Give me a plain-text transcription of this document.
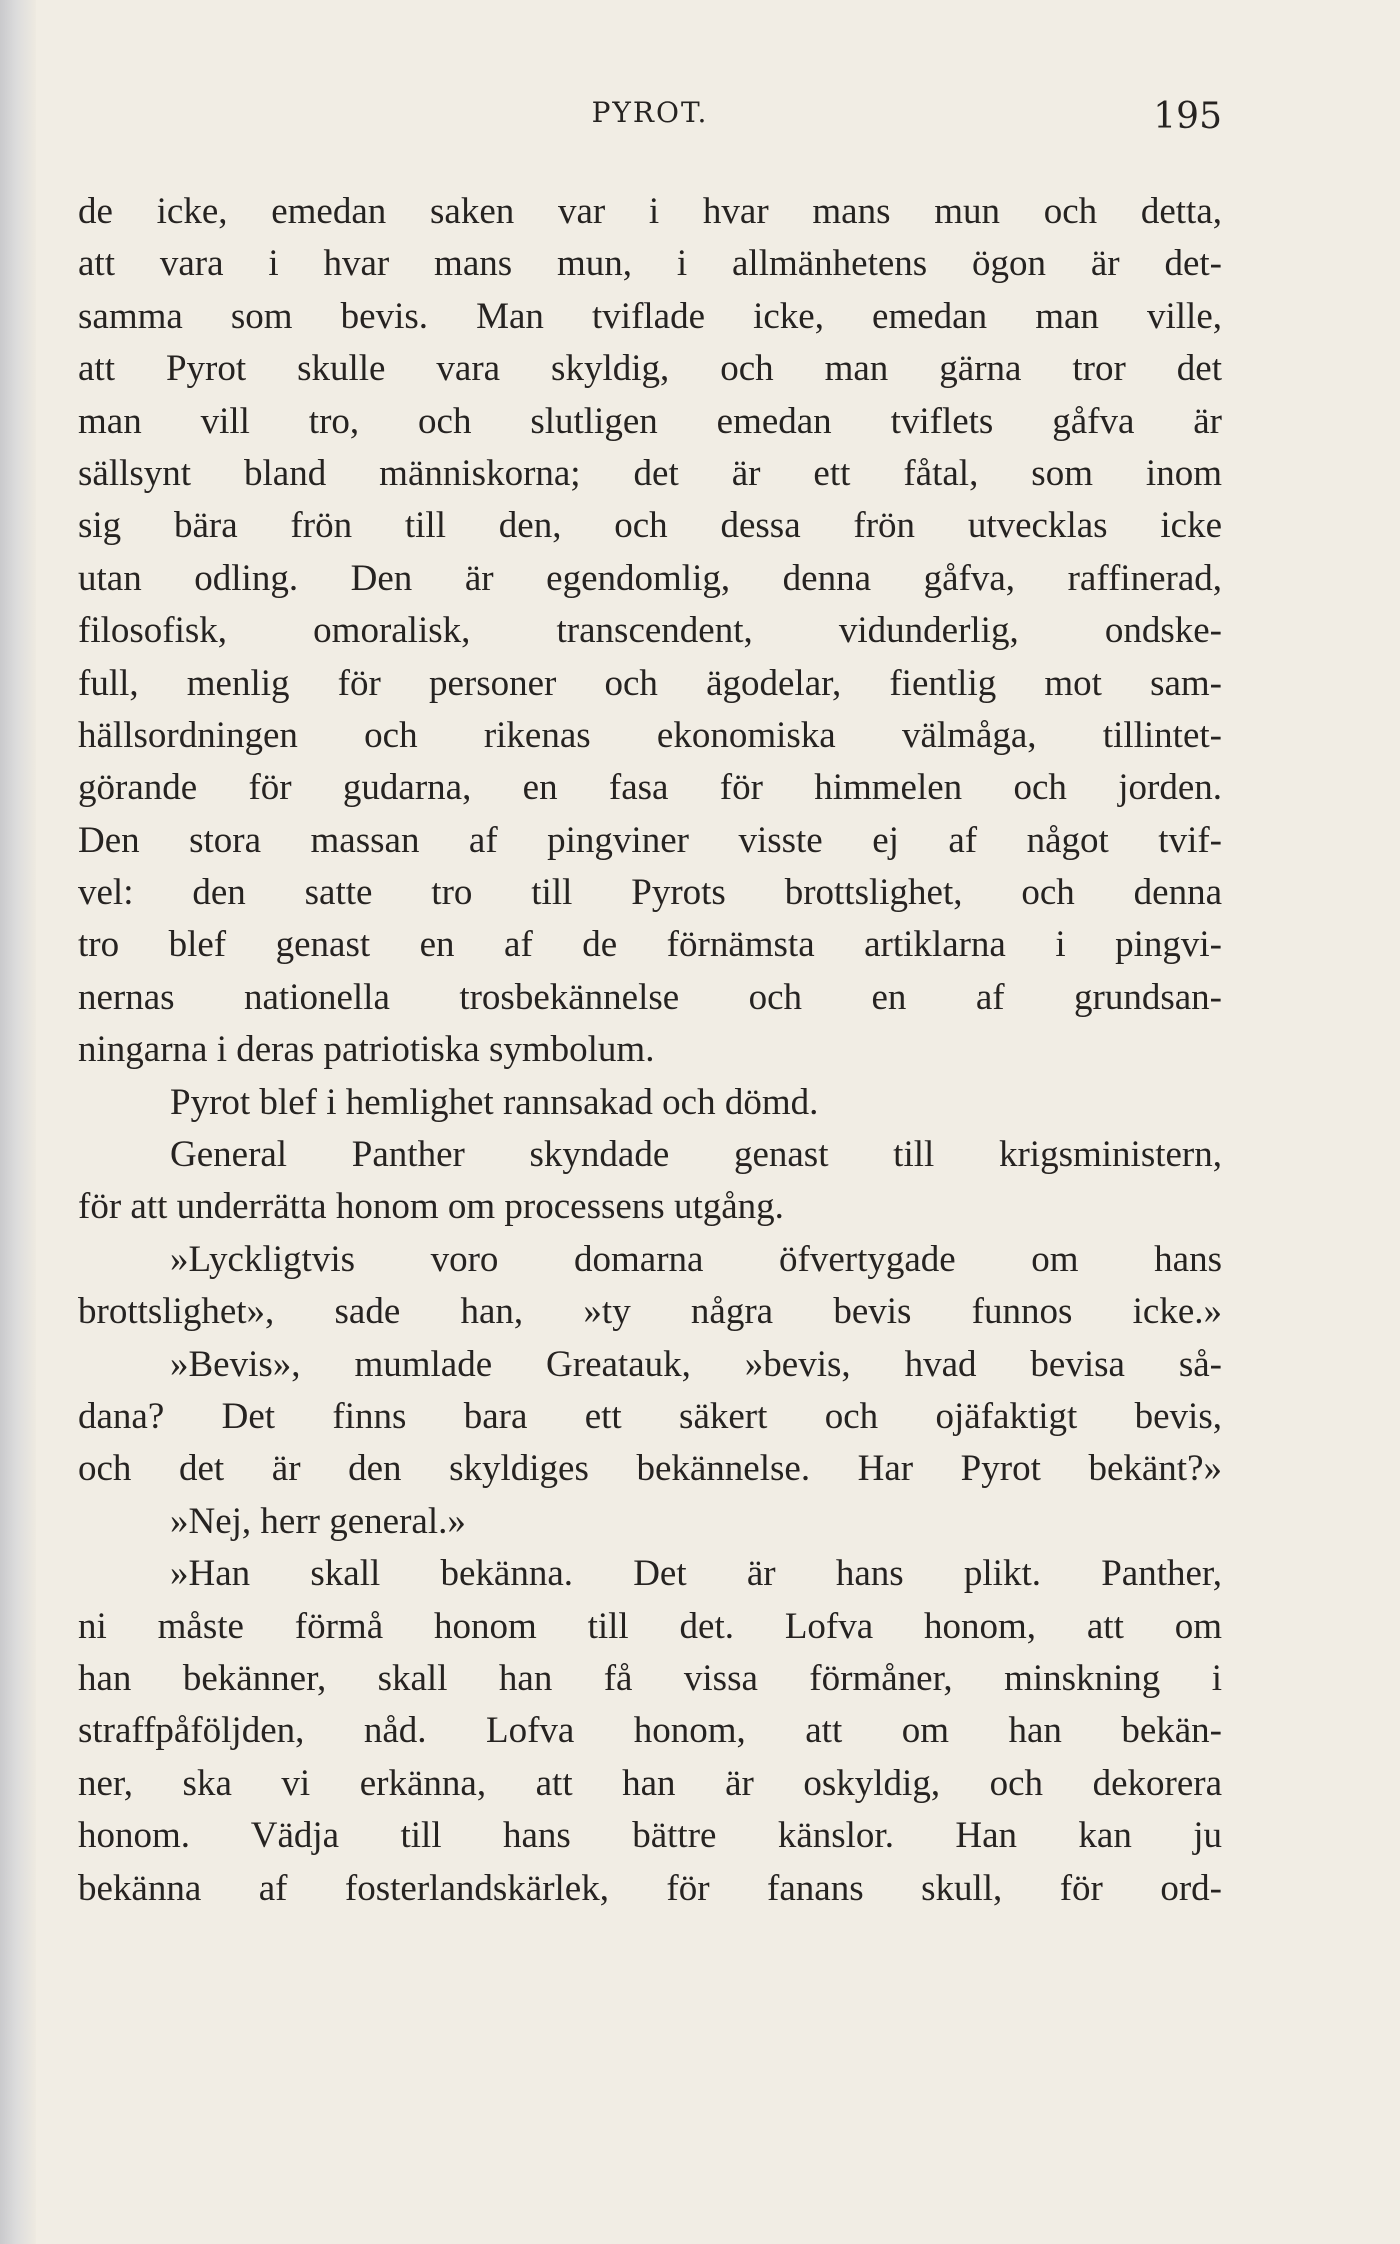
PYROT.	195
de icke, emedan saken var i hvar mans mun och detta,
att vara i hvar mans mun, i allmänhetens ögon är det-
samma som bevis. Man tviflade icke, emedan man ville,
att Pyrot skulle vara skyldig, och man gärna tror det
man vill tro, och slutligen emedan tviflets gåfva är
sällsynt bland människorna; det är ett fåtal, som inom
sig bära frön till den, och dessa frön utvecklas icke
utan odling. Den är egendomlig, denna gåfva, raffinerad,
filosofisk, omoralisk, transcendent, vidunderlig, ondske-
full, menlig för personer och ägodelar, fientlig mot sam-
hällsordningen och rikenas ekonomiska välmåga, tillintet-
görande för gudarna, en fasa för himmelen och jorden.
Den stora massan af pingviner visste ej af något tvif-
vel: den satte tro till Pyrots brottslighet, och denna
tro blef genast en af de förnämsta artiklarna i pingvi-
nernas nationella trosbekännelse och en af grundsan-
ningarna i deras patriotiska symbolum.
Pyrot blef i hemlighet rannsakad och dömd.
General Panther skyndade genast till krigsministern,
för att underrätta honom om processens utgång.
»Lyckligtvis voro domarna öfvertygade om hans
brottslighet», sade han, »ty några bevis funnos icke.»
»Bevis», mumlade Greatauk, »bevis, hvad bevisa så-
dana? Det finns bara ett säkert och ojäfaktigt bevis,
och det är den skyldiges bekännelse. Har Pyrot bekänt?»
»Nej, herr general.»
»Han skall bekänna. Det är hans plikt. Panther,
ni måste förmå honom till det. Lofva honom, att om
han bekänner, skall han få vissa förmåner, minskning i
straffpåföljden, nåd. Lofva honom, att om han bekän-
ner, ska vi erkänna, att han är oskyldig, och dekorera
honom. Vädja till hans bättre känslor. Han kan ju
bekänna af fosterlandskärlek, för fanans skull, för ord-
